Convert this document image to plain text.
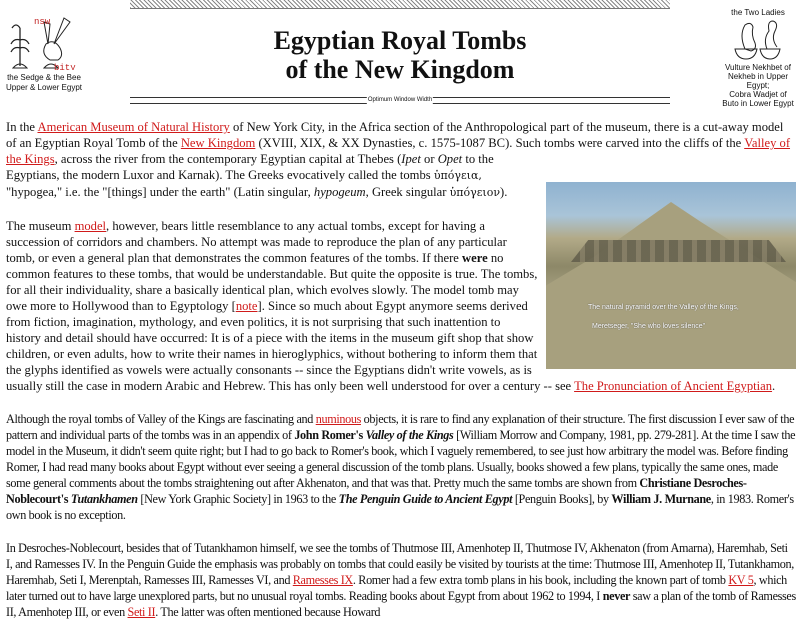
nsw
bity
the Sedge & the Bee
Upper & Lower Egypt
Egyptian Royal Tombs
of the New Kingdom
the Two Ladies
Vulture Nekhbet of
Nekheb in Upper Egypt;
Cobra Wadjet of
Buto in Lower Egypt
Optimum Window Width

In the American Museum of Natural History of New York City, in the Africa section of the Anthropological part of the museum, there is a cut-away model of an Egyptian Royal Tomb of the New Kingdom (XVIII, XIX, & XX Dynasties, c. 1575-1087 BC). Such tombs were carved into the cliffs of the Valley of the Kings, across the river from the contemporary Egyptian capital at Thebes (Ipet or Opet
The natural pyramid over the Valley of the Kings,
Meretseger, "She who loves silence"
to the Egyptians, the modern Luxor and Karnak). The Greeks evocatively called the tombs ὑπόγεια, "hypogea," i.e. the "[things] under the earth" (Latin singular, hypogeum, Greek singular ὑπόγειον).

The museum model, however, bears little resemblance to any actual tombs, except for having a succession of corridors and chambers. No attempt was made to reproduce the plan of any particular tomb, or even a general plan that demonstrates the common features of the tombs. If there were no common features to these tombs, that would be understandable. But quite the opposite is true. The tombs, for all their individuality, share a basically identical plan, which evolves slowly. The model tomb may owe more to Hollywood than to Egyptology [note]. Since so much about Egypt anymore seems derived from fiction, imagination, mythology, and even politics, it is not surprising that such inattention to history and detail should have occurred: It is of a piece with the items in the museum gift shop that show children, or even adults, how to write their names in hieroglyphics, without bothering to inform them that the glyphs identified as vowels were actually consonants -- since the Egyptians didn't write vowels, as is usually still the case in modern Arabic and Hebrew. This has only been well understood for over a century -- see The Pronunciation of Ancient Egyptian.

Although the royal tombs of Valley of the Kings are fascinating and numinous objects, it is rare to find any explanation of their structure. The first discussion I ever saw of the pattern and individual parts of the tombs was in an appendix of John Romer's Valley of the Kings [William Morrow and Company, 1981, pp. 279-281]. At the time I saw the model in the Museum, it didn't seem quite right; but I had to go back to Romer's book, which I vaguely remembered, to see just how arbitrary the model was. Before finding Romer, I had read many books about Egypt without ever seeing a general discussion of the tomb plans. Usually, books showed a few plans, typically the same ones, made some general comments about the tombs straightening out after Akhenaton, and that was that. Pretty much the same tombs are shown from Christiane Desroches-Noblecourt's Tutankhamen [New York Graphic Society] in 1963 to the The Penguin Guide to Ancient Egypt [Penguin Books], by William J. Murnane, in 1983. Romer's own book is no exception.

In Desroches-Noblecourt, besides that of Tutankhamon himself, we see the tombs of Thutmose III, Amenhotep II, Thutmose IV, Akhenaton (from Amarna), Haremhab, Seti I, and Ramesses IV. In the Penguin Guide the emphasis was probably on tombs that could easily be visited by tourists at the time: Thutmose III, Amenhotep II, Tutankhamon, Haremhab, Seti I, Merenptah, Ramesses III, Ramesses VI, and Ramesses IX. Romer had a few extra tomb plans in his book, including the known part of tomb KV 5, which later turned out to have large unexplored parts, but no unusual royal tombs. Reading books about Egypt from about 1962 to 1994, I never saw a plan of the tomb of Ramesses II, Amenhotep III, or even Seti II. The latter was often mentioned because Howard
